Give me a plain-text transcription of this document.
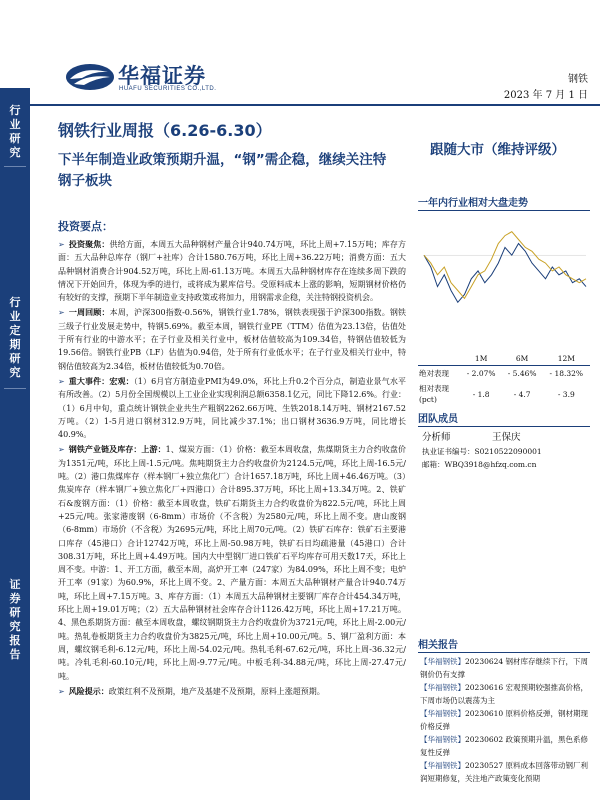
行业研究
行业定期研究
证券研究报告
华福证券
HUAFU SECURITIES CO.,LTD.
钢铁
2023 年 7 月 1 日
钢铁行业周报（6.26-6.30）
下半年制造业政策预期升温，“钢”需企稳，继续关注特钢子板块
跟随大市（维持评级）
投资要点：
➢ 投资聚焦：供给方面，本周五大品种钢材产量合计940.74万吨，环比上周+7.15万吨；库存方面：五大品种总库存（钢厂+社库）合计1580.76万吨，环比上周+36.22万吨；消费方面：五大品种钢材消费合计904.52万吨，环比上周-61.13万吨。本周五大品种钢材库存在连续多周下跌的情况下开始回升，体现为季的进行，或将成为累库信号。受原料成本上涨的影响，短期钢材价格仍有较好的支撑，预期下半年制造业支持政策或将加力，用钢需求企稳，关注特钢投资机会。
➢ 一周回顾：本周，沪深300指数-0.56%，钢铁行业1.78%，钢铁表现强于沪深300指数。钢铁三级子行业发展走势中，特钢5.69%。截至本周，钢铁行业PE（TTM）估值为23.13倍，估值处于所有行业的中游水平；在子行业及相关行业中，板材估值较高为109.34倍，特钢估值较低为19.56倍。钢铁行业PB（LF）估值为0.94倍，处于所有行业低水平；在子行业及相关行业中，特钢估值较高为2.34倍，板材估值较低为0.70倍。
➢ 重大事件：宏观：（1）6月官方制造业PMI为49.0%，环比上升0.2个百分点，制造业景气水平有所改善。（2）5月份全国规模以上工业企业实现利润总额6358.1亿元，同比下降12.6%。行业：（1）6月中旬，重点统计钢铁企业共生产粗钢2262.66万吨、生铁2018.14万吨、钢材2167.52万吨。（2）1-5月进口钢材312.9万吨，同比减少37.1%；出口钢材3636.9万吨，同比增长40.9%。
➢ 钢铁产业链及库存：上游：1、煤炭方面：（1）价格：截至本周收盘，焦煤期货主力合约收盘价为1351元/吨，环比上周-1.5元/吨。焦吨期货主力合约收盘价为2124.5元/吨，环比上周-16.5元/吨。（2）港口焦煤库存（样本钢厂+独立焦化厂）合计1657.18万吨，环比上周+46.46万吨。（3）焦炭库存（样本钢厂+独立焦化厂+四港口）合计895.37万吨，环比上周+13.34万吨。2、铁矿石&废钢方面：（1）价格：截至本周收盘，铁矿石期货主力合约收盘价为822.5元/吨，环比上周+25元/吨。张家港废钢（6-8mm）市场价（不含税）为2580元/吨，环比上周不变。唐山废钢（6-8mm）市场价（不含税）为2695元/吨，环比上周70元/吨。（2）铁矿石库存：铁矿石主要港口库存（45港口）合计12742万吨，环比上周-50.98万吨，铁矿石日均疏港量（45港口）合计308.31万吨，环比上周+4.49万吨。国内大中型钢厂进口铁矿石平均库存可用天数17天，环比上周不变。中游：1、开工方面，截至本周，高炉开工率（247家）为84.09%，环比上周不变；电炉开工率（91家）为60.9%，环比上周不变。2、产量方面：本周五大品种钢材产量合计940.74万吨，环比上周+7.15万吨。3、库存方面：（1）本周五大品种钢材主要钢厂库存合计454.34万吨，环比上周+19.01万吨；（2）五大品种钢材社会库存合计1126.42万吨，环比上周+17.21万吨。4、黑色系期货方面：截至本周收盘，螺纹钢期货主力合约收盘价为3721元/吨，环比上周-2.00元/吨。热轧卷板期货主力合约收盘价为3825元/吨，环比上周+10.00元/吨。5、钢厂盈利方面：本周，螺纹钢毛利-6.12元/吨，环比上周-54.02元/吨。热轧毛利-67.62元/吨，环比上周-36.32元/吨。冷轧毛利-60.10元/吨，环比上周-9.77元/吨。中板毛利-34.88元/吨，环比上周-27.47元/吨。
➢ 风险提示：政策红利不及预期，地产及基建不及预期，原料上涨超预期。
一年内行业相对大盘走势
	1M	6M	12M
绝对表现	- 2.07%	- 5.46%	- 18.32%
相对表现
(pct)	- 1.8	- 4.7	- 3.9
团队成员
分析师	王保庆
执业证书编号：S0210522090001
邮箱：WBQ3918@hfzq.com.cn
相关报告
【华福钢铁】20230624 钢材库存继续下行，下周钢价仍有支撑
【华福钢铁】20230616 宏观预期较强推高价格，下周市场仍以震荡为主
【华福钢铁】20230610 原料价格反弹，钢材期现价格反弹
【华福钢铁】20230602 政策预期升温，黑色系修复性反弹
【华福钢铁】20230527 原料成本回落带动钢厂利润短期修复，关注地产政策变化预期
